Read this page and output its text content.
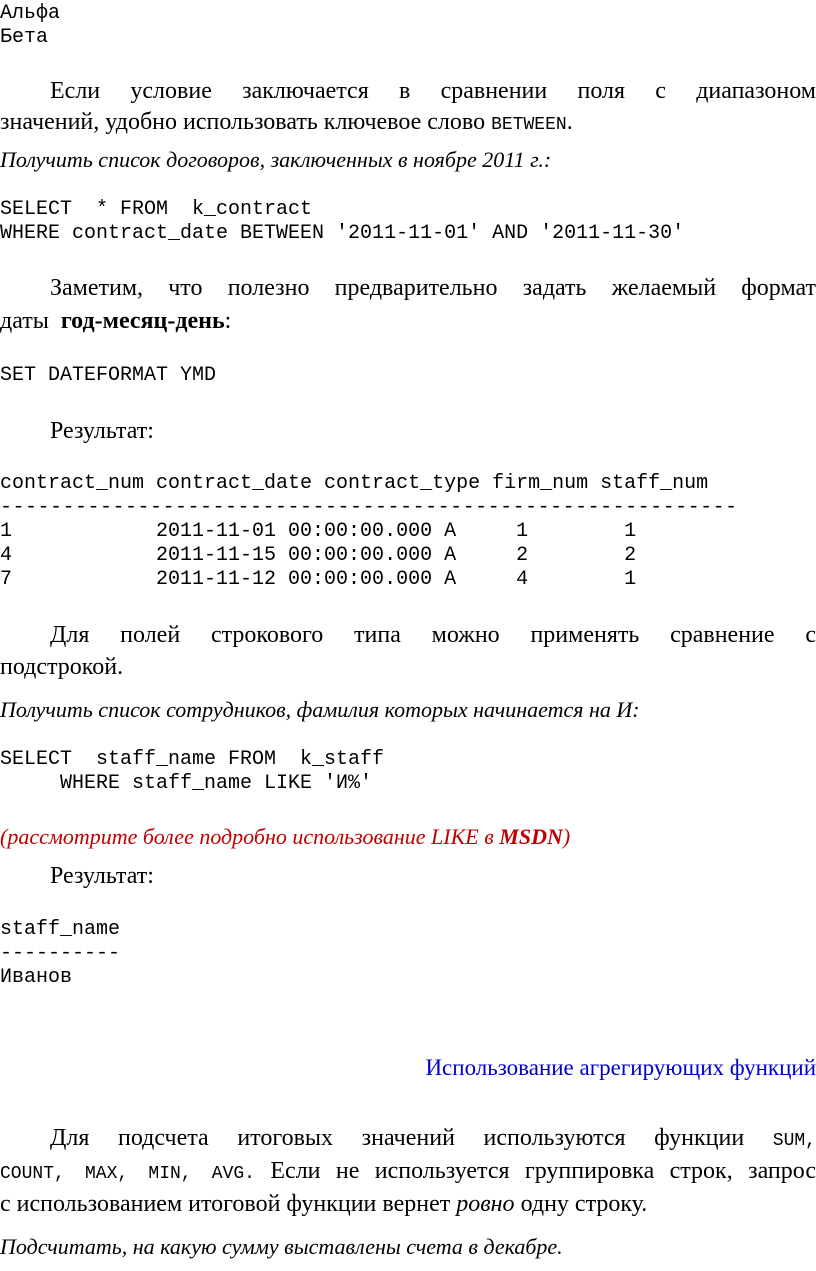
Альфа
Бета
Если условие заключается в сравнении поля с диапазоном
значений, удобно использовать ключевое слово BETWEEN.
Получить список договоров, заключенных в ноябре 2011 г.:
SELECT  * FROM  k_contract
WHERE contract_date BETWEEN '2011-11-01' AND '2011-11-30'
Заметим, что полезно предварительно задать желаемый формат
даты  год-месяц-день:
SET DATEFORMAT YMD
Результат:
contract_num contract_date contract_type firm_num staff_num
-----------------------------------------------------------
1            2011-11-01 00:00:00.000 A     1        1
4            2011-11-15 00:00:00.000 A     2        2
7            2011-11-12 00:00:00.000 A     4        1
Для полей строкового типа можно применять сравнение с
подстрокой.
Получить список сотрудников, фамилия которых начинается на И:
SELECT  staff_name FROM  k_staff
WHERE staff_name LIKE 'И%'
(рассмотрите более подробно использование LIKE в MSDN)
Результат:
staff_name
----------
Иванов
Использование агрегирующих функций
Для подсчета итоговых значений используются функции SUM,
COUNT, MAX, MIN, AVG. Если не используется группировка строк, запрос
с использованием итоговой функции вернет ровно одну строку.
Подсчитать, на какую сумму выставлены счета в декабре.
